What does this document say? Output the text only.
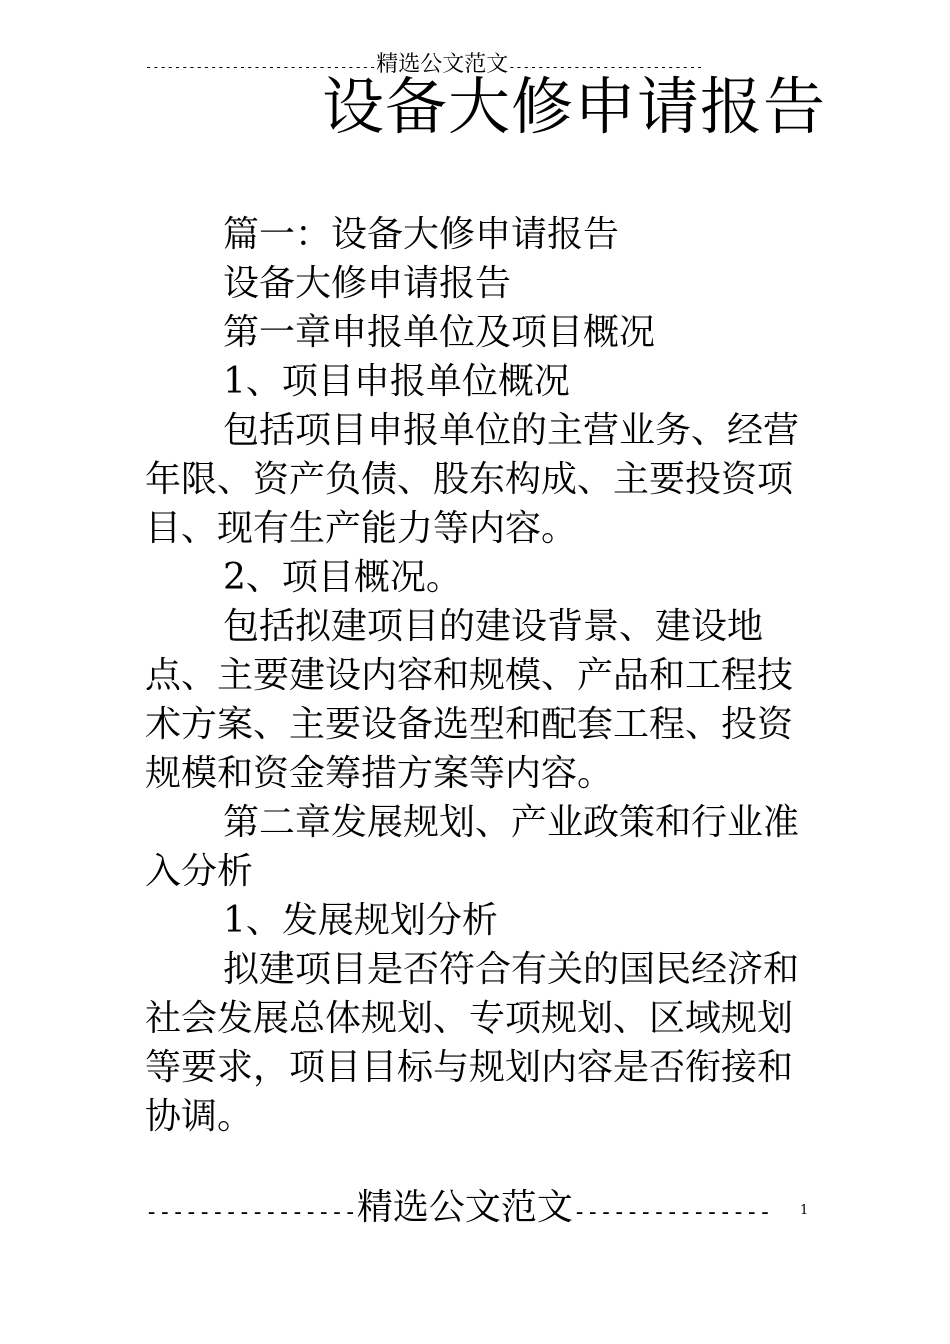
--------------------------------精选公文范文---------------------------
设备大修申请报告

篇一：设备大修申请报告

设备大修申请报告

第一章申报单位及项目概况

1、项目申报单位概况

包括项目申报单位的主营业务、经营年限、资产负债、股东构成、主要投资项目、现有生产能力等内容。

2、项目概况。

包括拟建项目的建设背景、建设地点、主要建设内容和规模、产品和工程技术方案、主要设备选型和配套工程、投资规模和资金筹措方案等内容。

第二章发展规划、产业政策和行业准入分析

1、发展规划分析

拟建项目是否符合有关的国民经济和社会发展总体规划、专项规划、区域规划等要求，项目目标与规划内容是否衔接和协调。

----------------精选公文范文---------------	1
